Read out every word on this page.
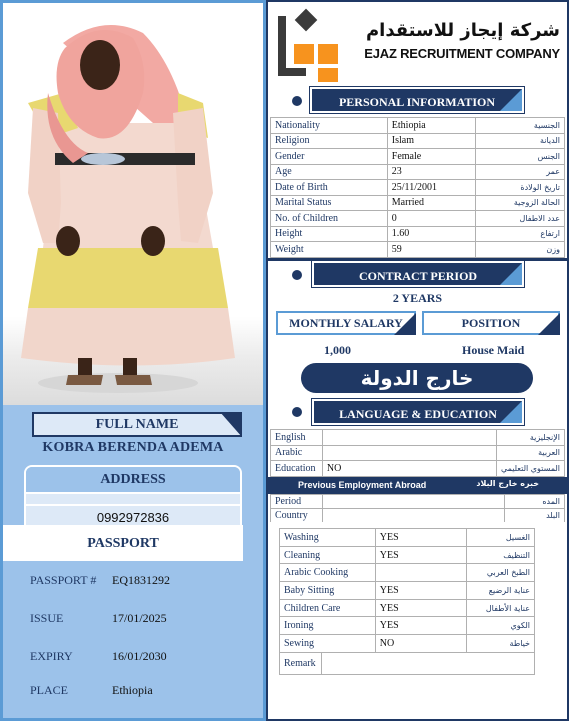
FULL NAME
KOBRA BERENDA ADEMA
ADDRESS
0992972836
PASSPORT
PASSPORT # EQ1831292
ISSUE	17/01/2025
EXPIRY	16/01/2030
PLACE	Ethiopia
شركة إيجاز للاستقدام
EJAZ RECRUITMENT COMPANY
PERSONAL INFORMATION
Nationality	Ethiopia	الجنسية
Religion	Islam	الديانة
Gender	Female	الجنس
Age	23	عمر
Date of Birth	25/11/2001	تاريخ الولادة
Marital Status	Married	الحالة الزوجية
No. of Children	0	عدد الاطفال
Height	1.60	ارتفاع
Weight	59	وزن
CONTRACT PERIOD
2 YEARS
MONTHLY SALARY	POSITION
1,000	House Maid
خارج الدولة
LANGUAGE & EDUCATION
English		الإنجليزية
Arabic		العربية
Education	NO	المستوي التعليمي
Previous Employment Abroad	خبره خارج البلاد
Period		المده
Country		البلد
Washing	YES	الغسيل
Cleaning	YES	التنظيف
Arabic Cooking		الطبخ العربي
Baby Sitting	YES	عناية الرضيع
Children Care	YES	عناية الأطفال
Ironing	YES	الكوي
Sewing	NO	خياطة
Remark	
